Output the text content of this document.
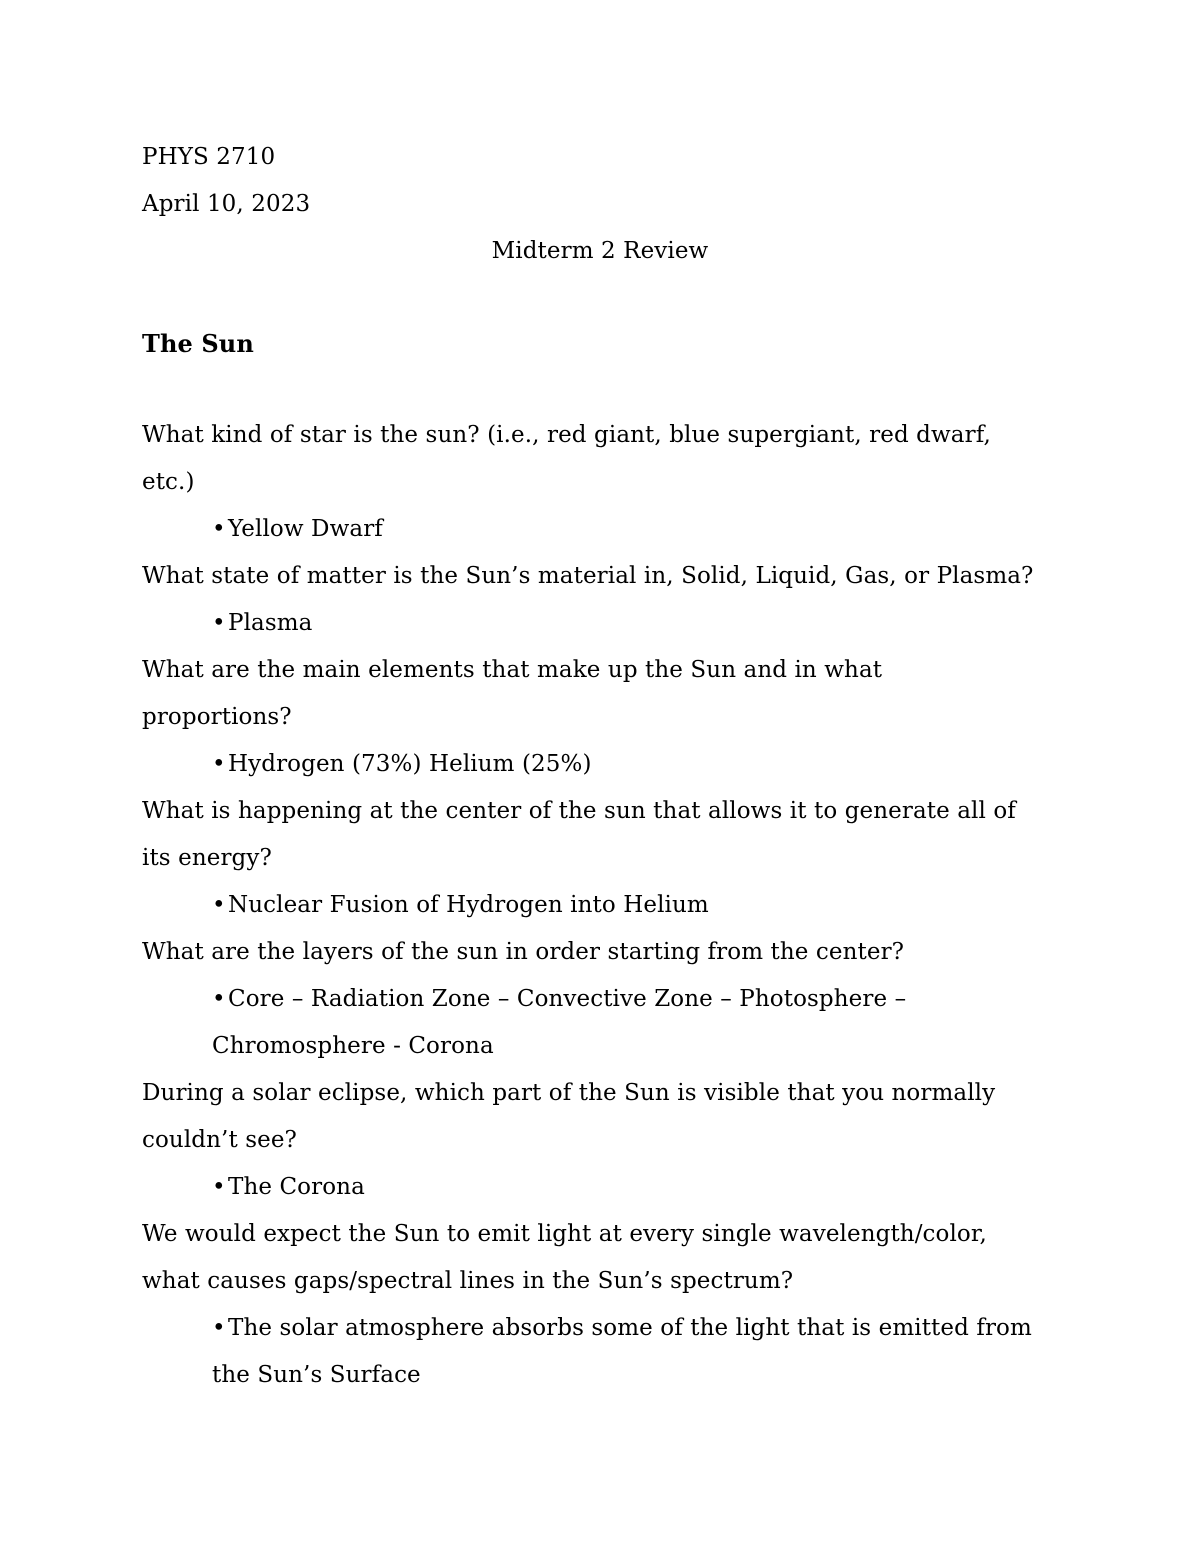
PHYS 2710

April 10, 2023

Midterm 2 Review

The Sun

What kind of star is the sun? (i.e., red giant, blue supergiant, red dwarf,
etc.)
• Yellow Dwarf
What state of matter is the Sun’s material in, Solid, Liquid, Gas, or Plasma?
• Plasma
What are the main elements that make up the Sun and in what
proportions?
• Hydrogen (73%) Helium (25%)
What is happening at the center of the sun that allows it to generate all of
its energy?
• Nuclear Fusion of Hydrogen into Helium
What are the layers of the sun in order starting from the center?
• Core – Radiation Zone – Convective Zone – Photosphere –
Chromosphere - Corona
During a solar eclipse, which part of the Sun is visible that you normally
couldn’t see?
• The Corona
We would expect the Sun to emit light at every single wavelength/color,
what causes gaps/spectral lines in the Sun’s spectrum?
• The solar atmosphere absorbs some of the light that is emitted from
the Sun’s Surface
